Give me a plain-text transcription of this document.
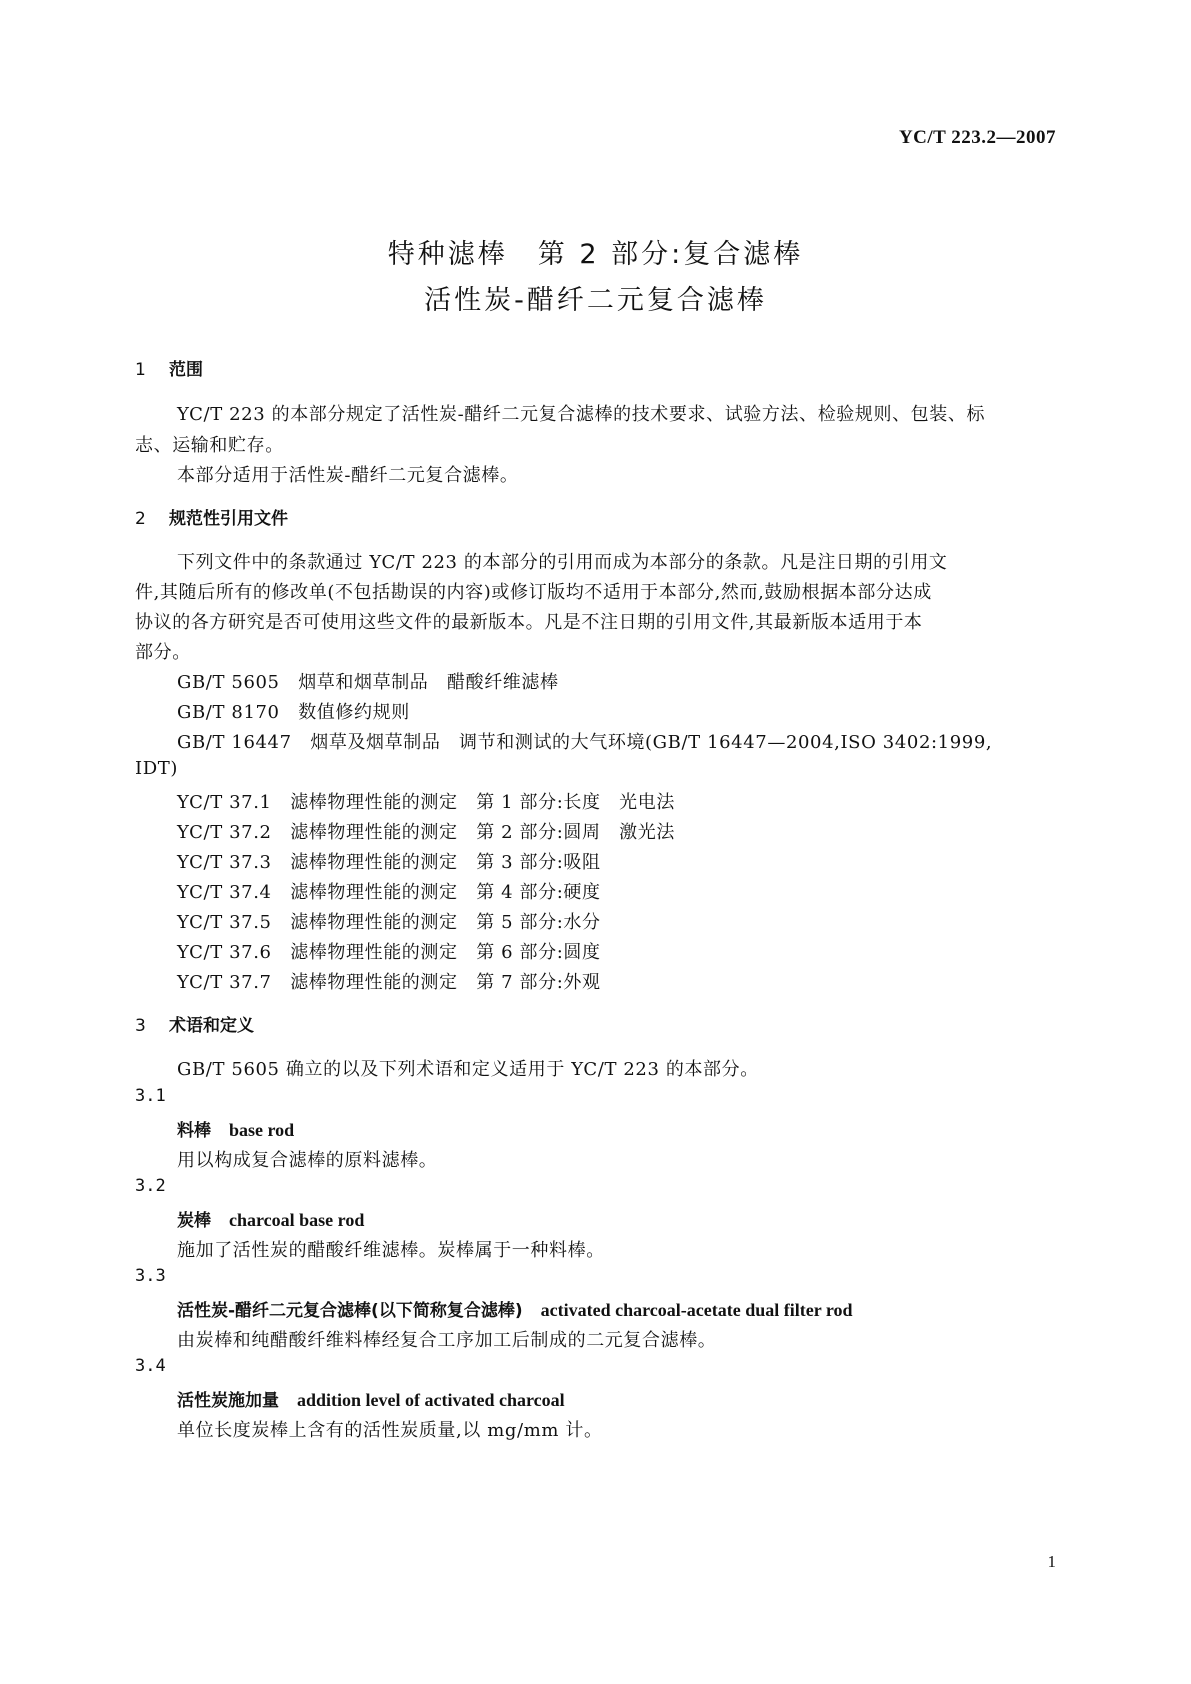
YC/T 223.2—2007
特种滤棒　第 2 部分:复合滤棒
活性炭-醋纤二元复合滤棒
1 范围
YC/T 223 的本部分规定了活性炭-醋纤二元复合滤棒的技术要求、试验方法、检验规则、包装、标
志、运输和贮存。
本部分适用于活性炭-醋纤二元复合滤棒。
2 规范性引用文件
下列文件中的条款通过 YC/T 223 的本部分的引用而成为本部分的条款。凡是注日期的引用文
件,其随后所有的修改单(不包括勘误的内容)或修订版均不适用于本部分,然而,鼓励根据本部分达成
协议的各方研究是否可使用这些文件的最新版本。凡是不注日期的引用文件,其最新版本适用于本
部分。
GB/T 5605　烟草和烟草制品　醋酸纤维滤棒
GB/T 8170　数值修约规则
GB/T 16447　烟草及烟草制品　调节和测试的大气环境(GB/T 16447—2004,ISO 3402:1999,
IDT)
YC/T 37.1　滤棒物理性能的测定　第 1 部分:长度　光电法
YC/T 37.2　滤棒物理性能的测定　第 2 部分:圆周　激光法
YC/T 37.3　滤棒物理性能的测定　第 3 部分:吸阻
YC/T 37.4　滤棒物理性能的测定　第 4 部分:硬度
YC/T 37.5　滤棒物理性能的测定　第 5 部分:水分
YC/T 37.6　滤棒物理性能的测定　第 6 部分:圆度
YC/T 37.7　滤棒物理性能的测定　第 7 部分:外观
3 术语和定义
GB/T 5605 确立的以及下列术语和定义适用于 YC/T 223 的本部分。
3.1
料棒 base rod
用以构成复合滤棒的原料滤棒。
3.2
炭棒 charcoal base rod
施加了活性炭的醋酸纤维滤棒。炭棒属于一种料棒。
3.3
活性炭-醋纤二元复合滤棒(以下简称复合滤棒) activated charcoal-acetate dual filter rod
由炭棒和纯醋酸纤维料棒经复合工序加工后制成的二元复合滤棒。
3.4
活性炭施加量 addition level of activated charcoal
单位长度炭棒上含有的活性炭质量,以 mg/mm 计。
1
